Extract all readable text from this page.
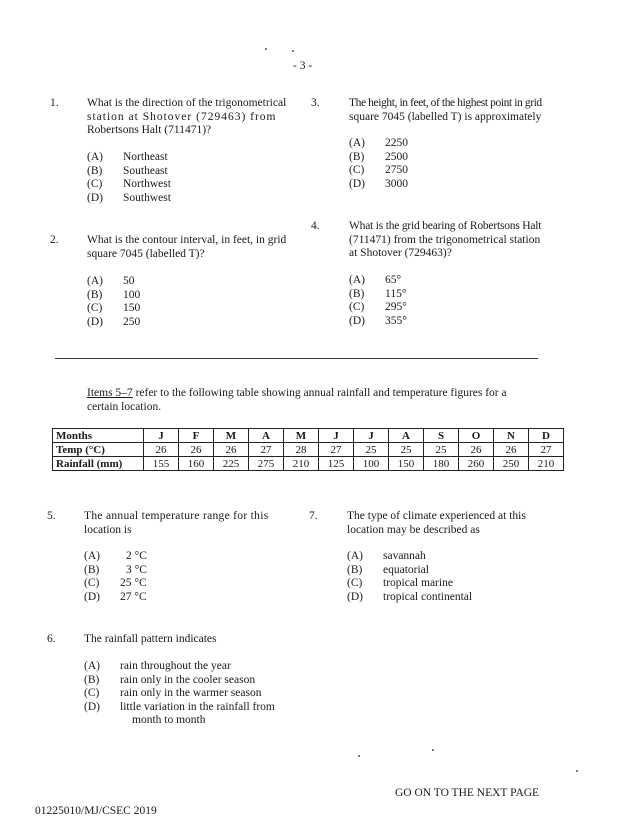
- 3 -
1. What is the direction of the trigonometrical
station at Shotover (729463) from
Robertsons Halt (711471)?
(A)	Northeast
(B)	Southeast
(C)	Northwest
(D)	Southwest
3.	The height, in feet, of the highest point in grid
square 7045 (labelled T) is approximately
(A)	2250
(B)	2500
(C)	2750
(D)	3000
4.	What is the grid bearing of Robertsons Halt
(711471) from the trigonometrical station
at Shotover (729463)?
(A)	65°
(B)	115°
(C)	295°
(D)	355°
2. What is the contour interval, in feet, in grid
square 7045 (labelled T)?
(A)	50
(B)	100
(C)	150
(D)	250
Items 5–7 refer to the following table showing annual rainfall and temperature figures for a
certain location.
Months	J	F	M	A	M	J	J	A	S	O	N	D
Temp (°C)	26	26	26	27	28	27	25	25	25	26	26	27
Rainfall (mm)	155	160	225	275	210	125	100	150	180	260	250	210
5. The annual temperature range for this
location is
(A)	2 °C
(B)	3 °C
(C)	25 °C
(D)	27 °C
7.	The type of climate experienced at this
location may be described as
(A)	savannah
(B)	equatorial
(C)	tropical marine
(D)	tropical continental
6. The rainfall pattern indicates
(A)	rain throughout the year
(B)	rain only in the cooler season
(C)	rain only in the warmer season
(D)	little variation in the rainfall from
month to month
GO ON TO THE NEXT PAGE
01225010/MJ/CSEC 2019
